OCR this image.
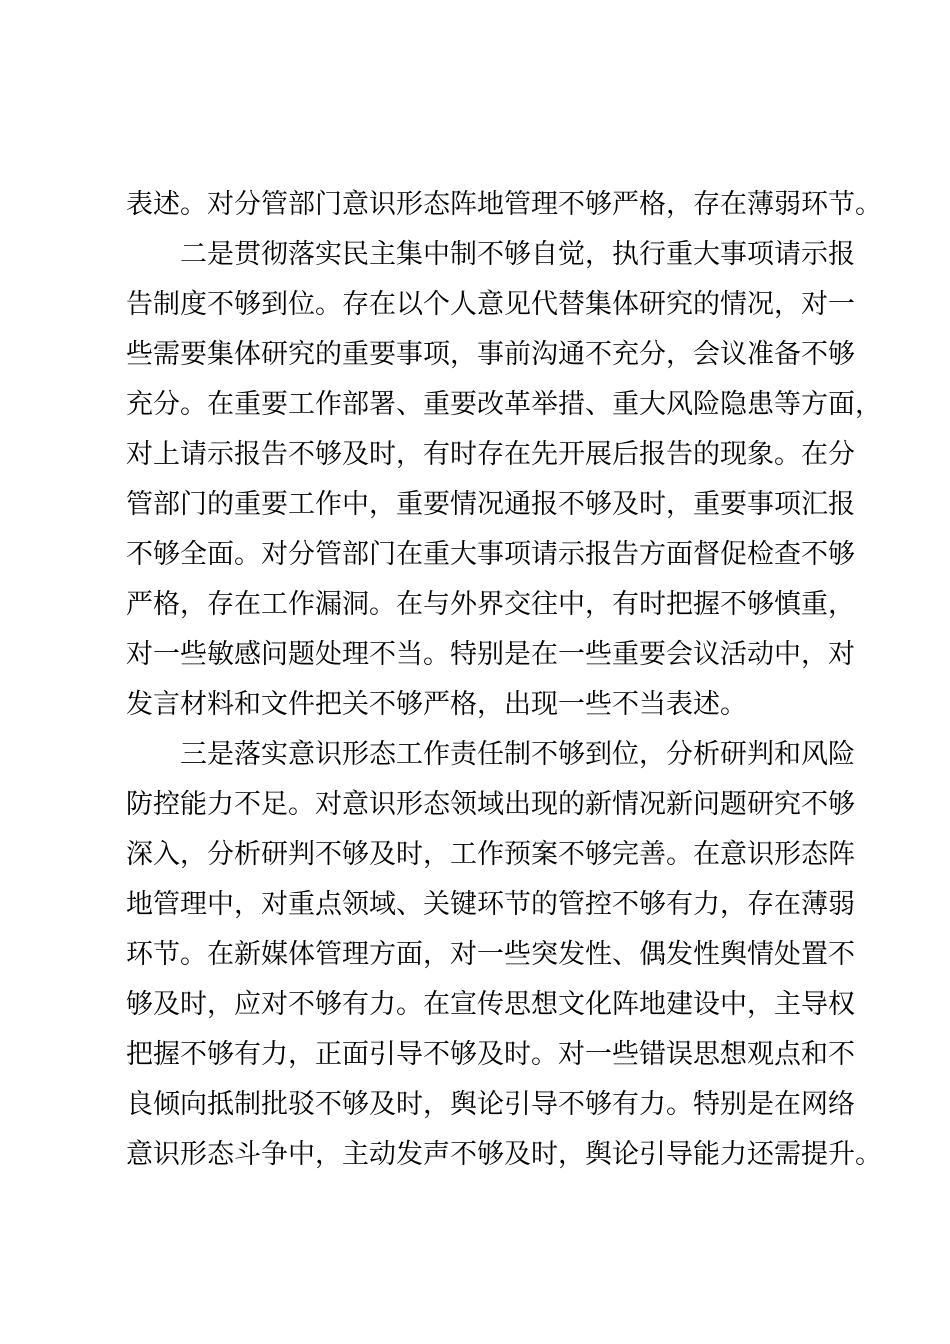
表述。对分管部门意识形态阵地管理不够严格，存在薄弱环节。
二是贯彻落实民主集中制不够自觉，执行重大事项请示报
告制度不够到位。存在以个人意见代替集体研究的情况，对一
些需要集体研究的重要事项，事前沟通不充分，会议准备不够
充分。在重要工作部署、重要改革举措、重大风险隐患等方面，
对上请示报告不够及时，有时存在先开展后报告的现象。在分
管部门的重要工作中，重要情况通报不够及时，重要事项汇报
不够全面。对分管部门在重大事项请示报告方面督促检查不够
严格，存在工作漏洞。在与外界交往中，有时把握不够慎重，
对一些敏感问题处理不当。特别是在一些重要会议活动中，对
发言材料和文件把关不够严格，出现一些不当表述。
三是落实意识形态工作责任制不够到位，分析研判和风险
防控能力不足。对意识形态领域出现的新情况新问题研究不够
深入，分析研判不够及时，工作预案不够完善。在意识形态阵
地管理中，对重点领域、关键环节的管控不够有力，存在薄弱
环节。在新媒体管理方面，对一些突发性、偶发性舆情处置不
够及时，应对不够有力。在宣传思想文化阵地建设中，主导权
把握不够有力，正面引导不够及时。对一些错误思想观点和不
良倾向抵制批驳不够及时，舆论引导不够有力。特别是在网络
意识形态斗争中，主动发声不够及时，舆论引导能力还需提升。
